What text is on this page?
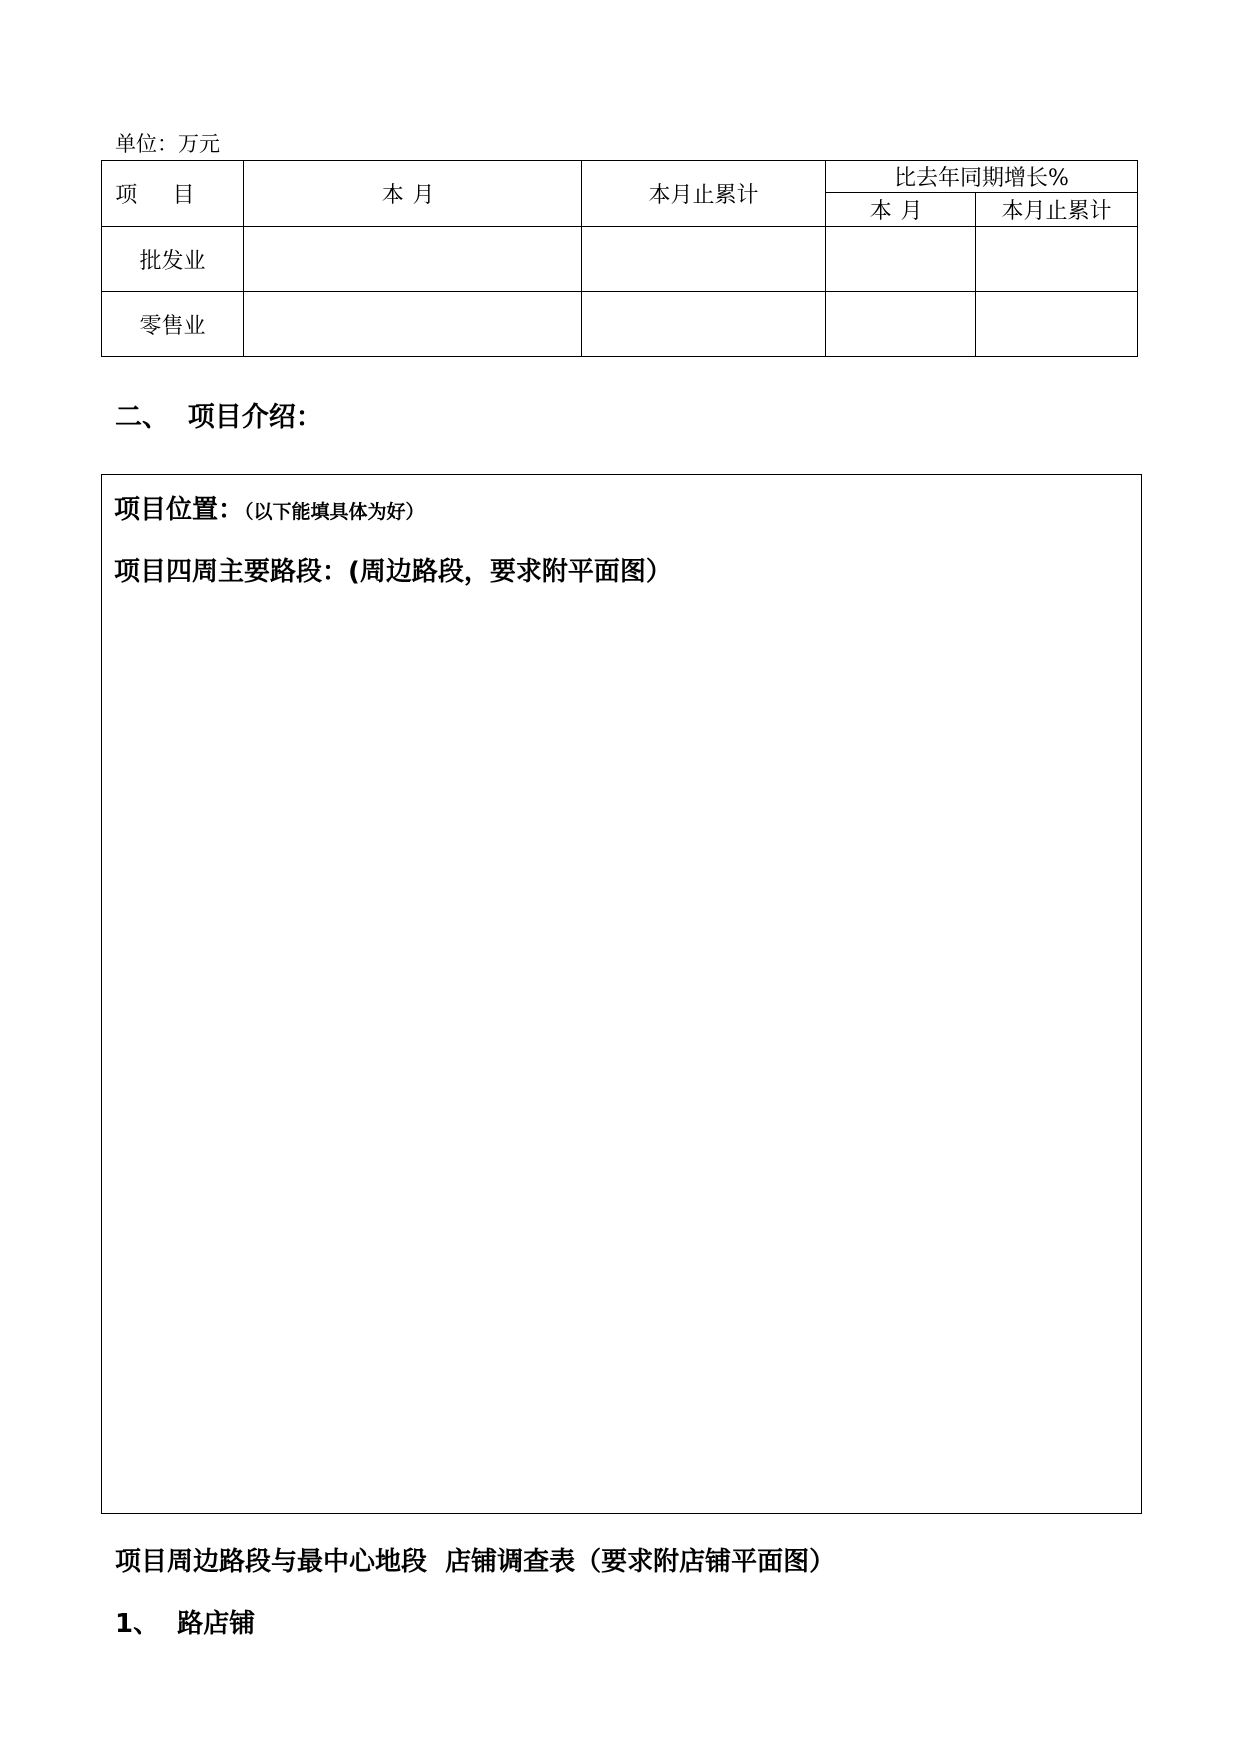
单位：万元
项目	本月	本月止累计	比去年同期增长%	
			本月	本月止累计
批发业				
零售业				
二、  项目介绍：
项目位置：（以下能填具体为好）
项目四周主要路段：(周边路段，要求附平面图）
项目周边路段与最中心地段  店铺调查表（要求附店铺平面图）
1、  路店铺
